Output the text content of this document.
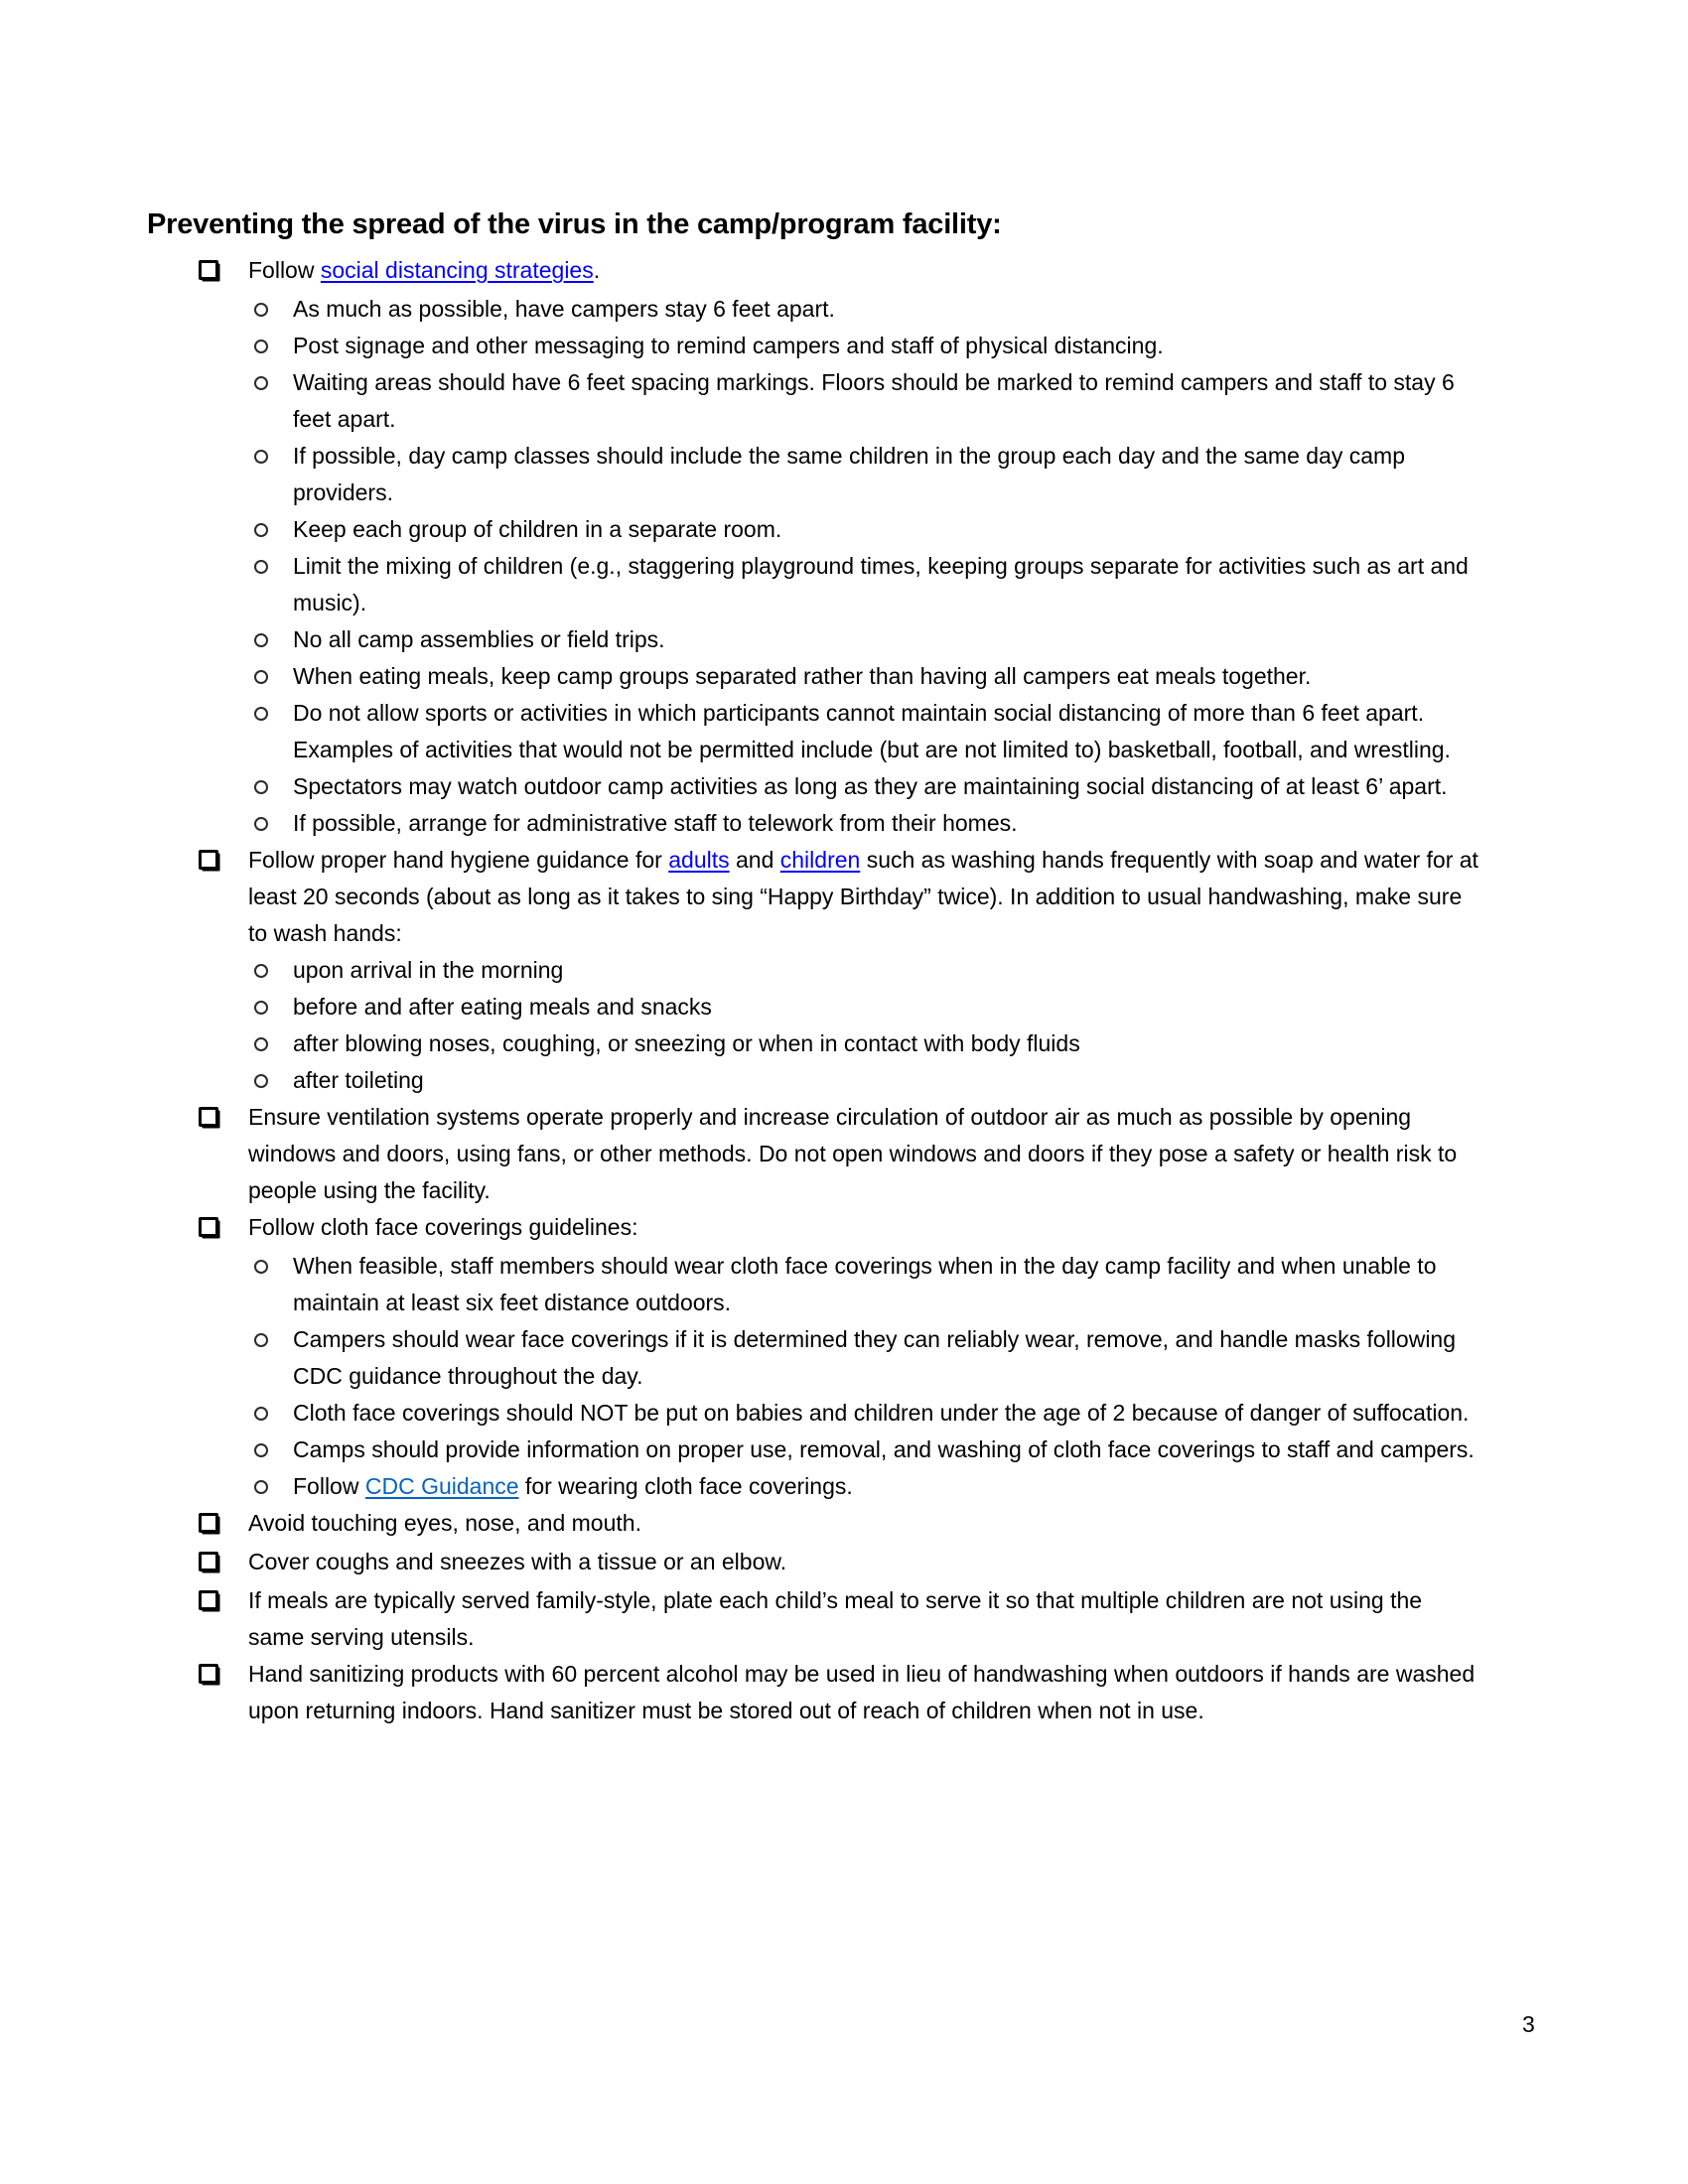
Preventing the spread of the virus in the camp/program facility:
Follow social distancing strategies.
As much as possible, have campers stay 6 feet apart.
Post signage and other messaging to remind campers and staff of physical distancing.
Waiting areas should have 6 feet spacing markings. Floors should be marked to remind campers and staff to stay 6 feet apart.
If possible, day camp classes should include the same children in the group each day and the same day camp providers.
Keep each group of children in a separate room.
Limit the mixing of children (e.g., staggering playground times, keeping groups separate for activities such as art and music).
No all camp assemblies or field trips.
When eating meals, keep camp groups separated rather than having all campers eat meals together.
Do not allow sports or activities in which participants cannot maintain social distancing of more than 6 feet apart.  Examples of activities that would not be permitted include (but are not limited to) basketball, football, and wrestling.
Spectators may watch outdoor camp activities as long as they are maintaining social distancing of at least 6’ apart.
If possible, arrange for administrative staff to telework from their homes.
Follow proper hand hygiene guidance for adults and children such as washing hands frequently with soap and water for at least 20 seconds (about as long as it takes to sing “Happy Birthday” twice). In addition to usual handwashing, make sure to wash hands:
upon arrival in the morning
before and after eating meals and snacks
after blowing noses, coughing, or sneezing or when in contact with body fluids
after toileting
Ensure ventilation systems operate properly and increase circulation of outdoor air as much as possible by opening windows and doors, using fans, or other methods. Do not open windows and doors if they pose a safety or health risk to people using the facility.
Follow cloth face coverings guidelines:
When feasible, staff members should wear cloth face coverings when in the day camp facility and when unable to maintain at least six feet distance outdoors.
Campers should wear face coverings if it is determined they can reliably wear, remove, and handle masks following CDC guidance throughout the day.
Cloth face coverings should NOT be put on babies and children under the age of 2 because of danger of suffocation.
Camps should provide information on proper use, removal, and washing of cloth face coverings to staff and campers.
Follow CDC Guidance for wearing cloth face coverings.
Avoid touching eyes, nose, and mouth.
Cover coughs and sneezes with a tissue or an elbow.
If meals are typically served family-style, plate each child’s meal to serve it so that multiple children are not using the same serving utensils.
Hand sanitizing products with 60 percent alcohol may be used in lieu of handwashing when outdoors if hands are washed upon returning indoors. Hand sanitizer must be stored out of reach of children when not in use.
3
